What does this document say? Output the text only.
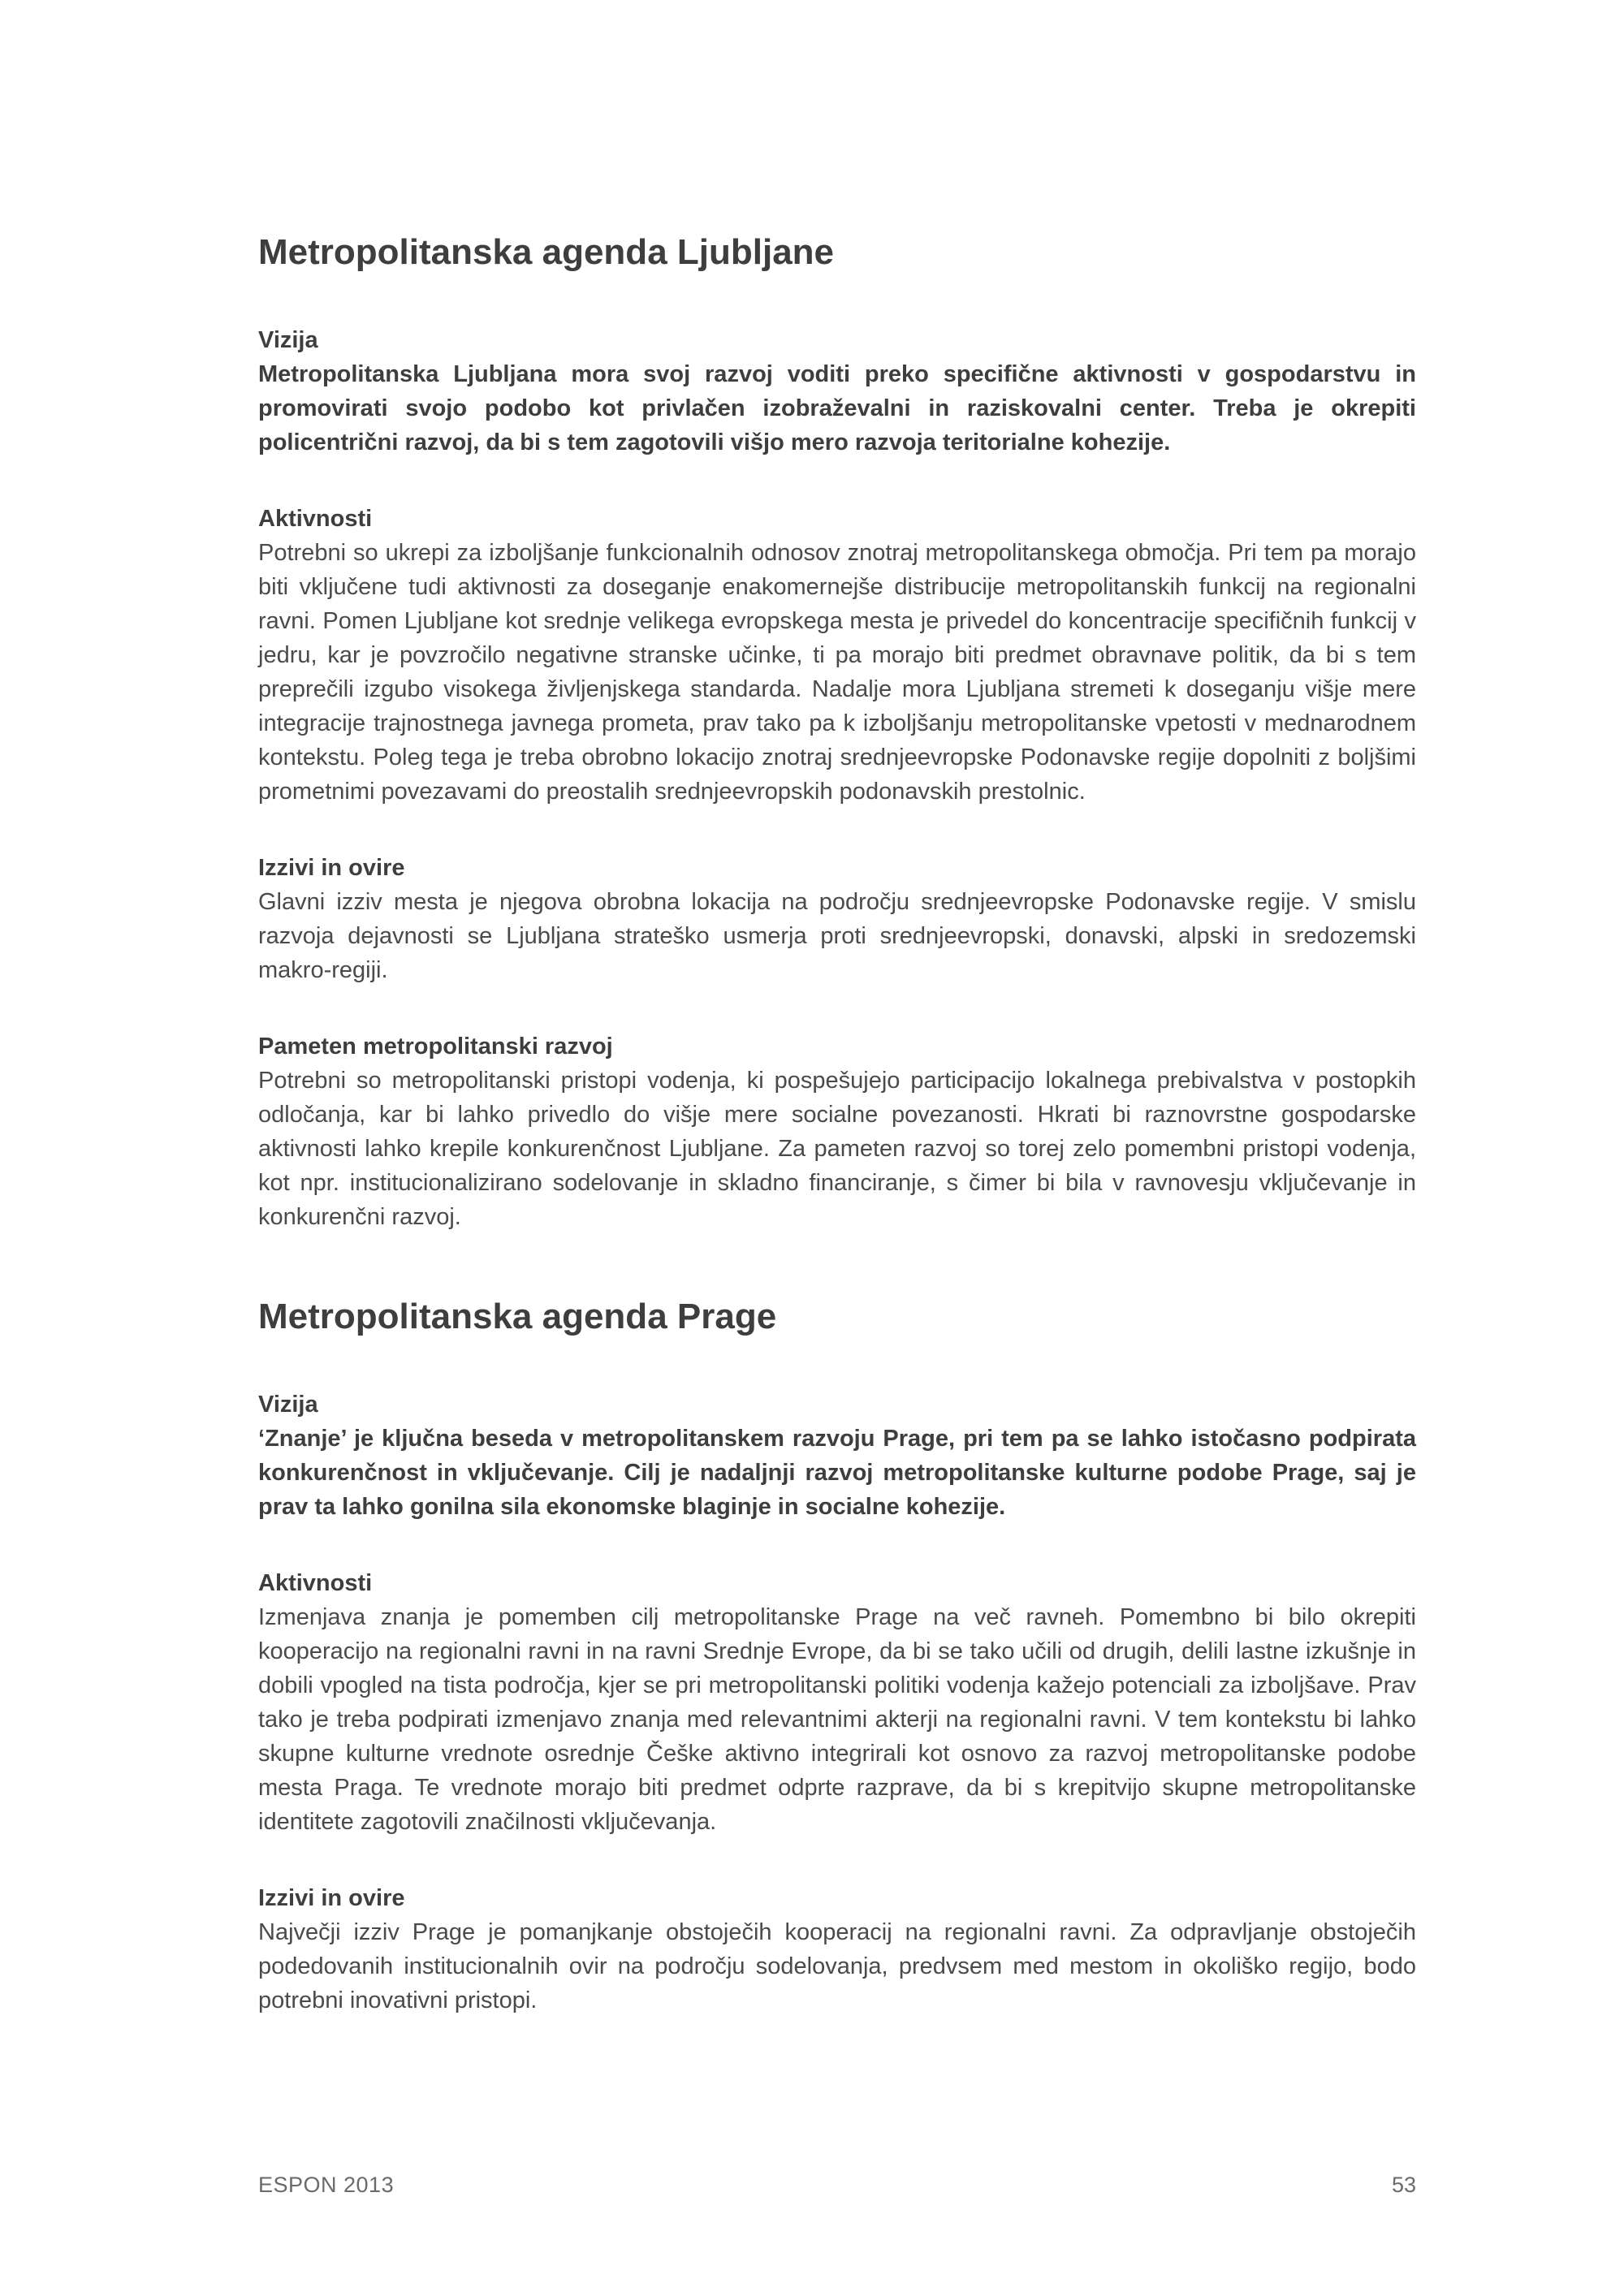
Metropolitanska agenda Ljubljane
Vizija

Metropolitanska Ljubljana mora svoj razvoj voditi preko specifične aktivnosti v gospodarstvu in promovirati svojo podobo kot privlačen izobraževalni in raziskovalni center. Treba je okrepiti policentrični razvoj, da bi s tem zagotovili višjo mero razvoja teritorialne kohezije.

Aktivnosti

Potrebni so ukrepi za izboljšanje funkcionalnih odnosov znotraj metropolitanskega območja. Pri tem pa morajo biti vključene tudi aktivnosti za doseganje enakomernejše distribucije metropolitanskih funkcij na regionalni ravni. Pomen Ljubljane kot srednje velikega evropskega mesta je privedel do koncentracije specifičnih funkcij v jedru, kar je povzročilo negativne stranske učinke, ti pa morajo biti predmet obravnave politik, da bi s tem preprečili izgubo visokega življenjskega standarda. Nadalje mora Ljubljana stremeti k doseganju višje mere integracije trajnostnega javnega prometa, prav tako pa k izboljšanju metropolitanske vpetosti v mednarodnem kontekstu. Poleg tega je treba obrobno lokacijo znotraj srednjeevropske Podonavske regije dopolniti z boljšimi prometnimi povezavami do preostalih srednjeevropskih podonavskih prestolnic.

Izzivi in ovire

Glavni izziv mesta je njegova obrobna lokacija na področju srednjeevropske Podonavske regije. V smislu razvoja dejavnosti se Ljubljana strateško usmerja proti srednjeevropski, donavski, alpski in sredozemski makro-regiji.

Pameten metropolitanski razvoj

Potrebni so metropolitanski pristopi vodenja, ki pospešujejo participacijo lokalnega prebivalstva v postopkih odločanja, kar bi lahko privedlo do višje mere socialne povezanosti. Hkrati bi raznovrstne gospodarske aktivnosti lahko krepile konkurenčnost Ljubljane. Za pameten razvoj so torej zelo pomembni pristopi vodenja, kot npr. institucionalizirano sodelovanje in skladno financiranje, s čimer bi bila v ravnovesju vključevanje in konkurenčni razvoj.

Metropolitanska agenda Prage
Vizija

‘Znanje’ je ključna beseda v metropolitanskem razvoju Prage, pri tem pa se lahko istočasno podpirata konkurenčnost in vključevanje. Cilj je nadaljnji razvoj metropolitanske kulturne podobe Prage, saj je prav ta lahko gonilna sila ekonomske blaginje in socialne kohezije.

Aktivnosti

Izmenjava znanja je pomemben cilj metropolitanske Prage na več ravneh. Pomembno bi bilo okrepiti kooperacijo na regionalni ravni in na ravni Srednje Evrope, da bi se tako učili od drugih, delili lastne izkušnje in dobili vpogled na tista področja, kjer se pri metropolitanski politiki vodenja kažejo potenciali za izboljšave. Prav tako je treba podpirati izmenjavo znanja med relevantnimi akterji na regionalni ravni. V tem kontekstu bi lahko skupne kulturne vrednote osrednje Češke aktivno integrirali kot osnovo za razvoj metropolitanske podobe mesta Praga. Te vrednote morajo biti predmet odprte razprave, da bi s krepitvijo skupne metropolitanske identitete zagotovili značilnosti vključevanja.

Izzivi in ovire

Največji izziv Prage je pomanjkanje obstoječih kooperacij na regionalni ravni. Za odpravljanje obstoječih podedovanih institucionalnih ovir na področju sodelovanja, predvsem med mestom in okoliško regijo, bodo potrebni inovativni pristopi.

ESPON 2013	53
